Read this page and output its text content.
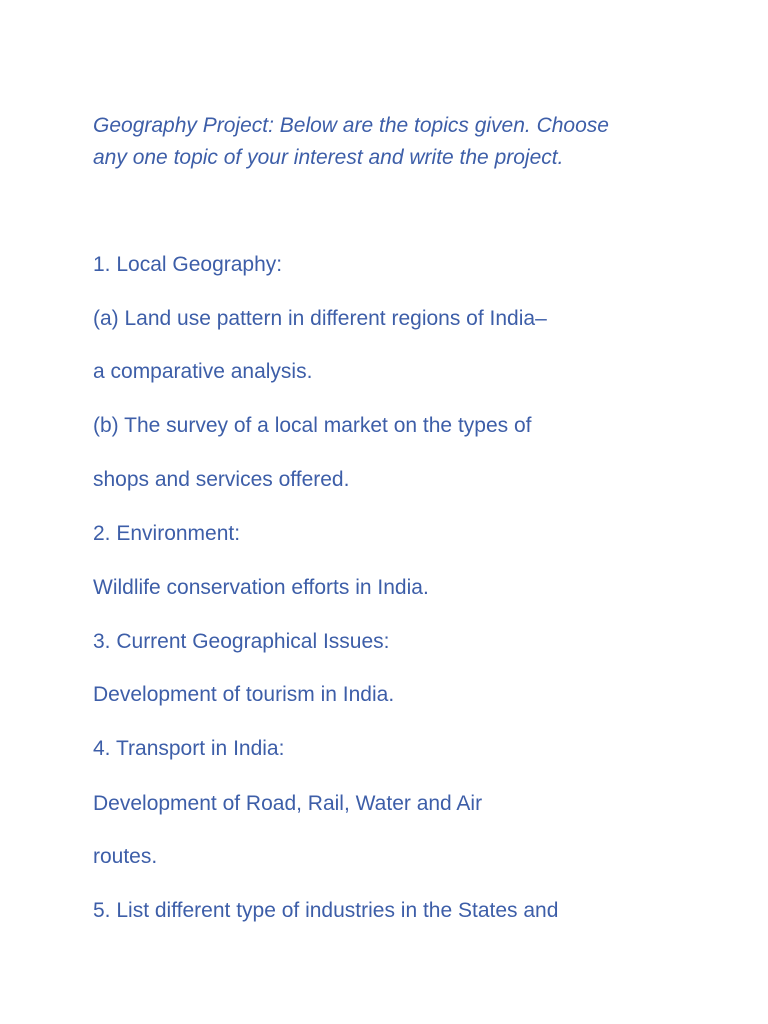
Geography Project: Below are the topics given. Choose

any one topic of your interest and write the project.

1. Local Geography:
(a) Land use pattern in different regions of India–
a comparative analysis.
(b) The survey of a local market on the types of
shops and services offered.
2. Environment:
Wildlife conservation efforts in India.
3. Current Geographical Issues:
Development of tourism in India.
4. Transport in India:
Development of Road, Rail, Water and Air
routes.
5. List different type of industries in the States and
